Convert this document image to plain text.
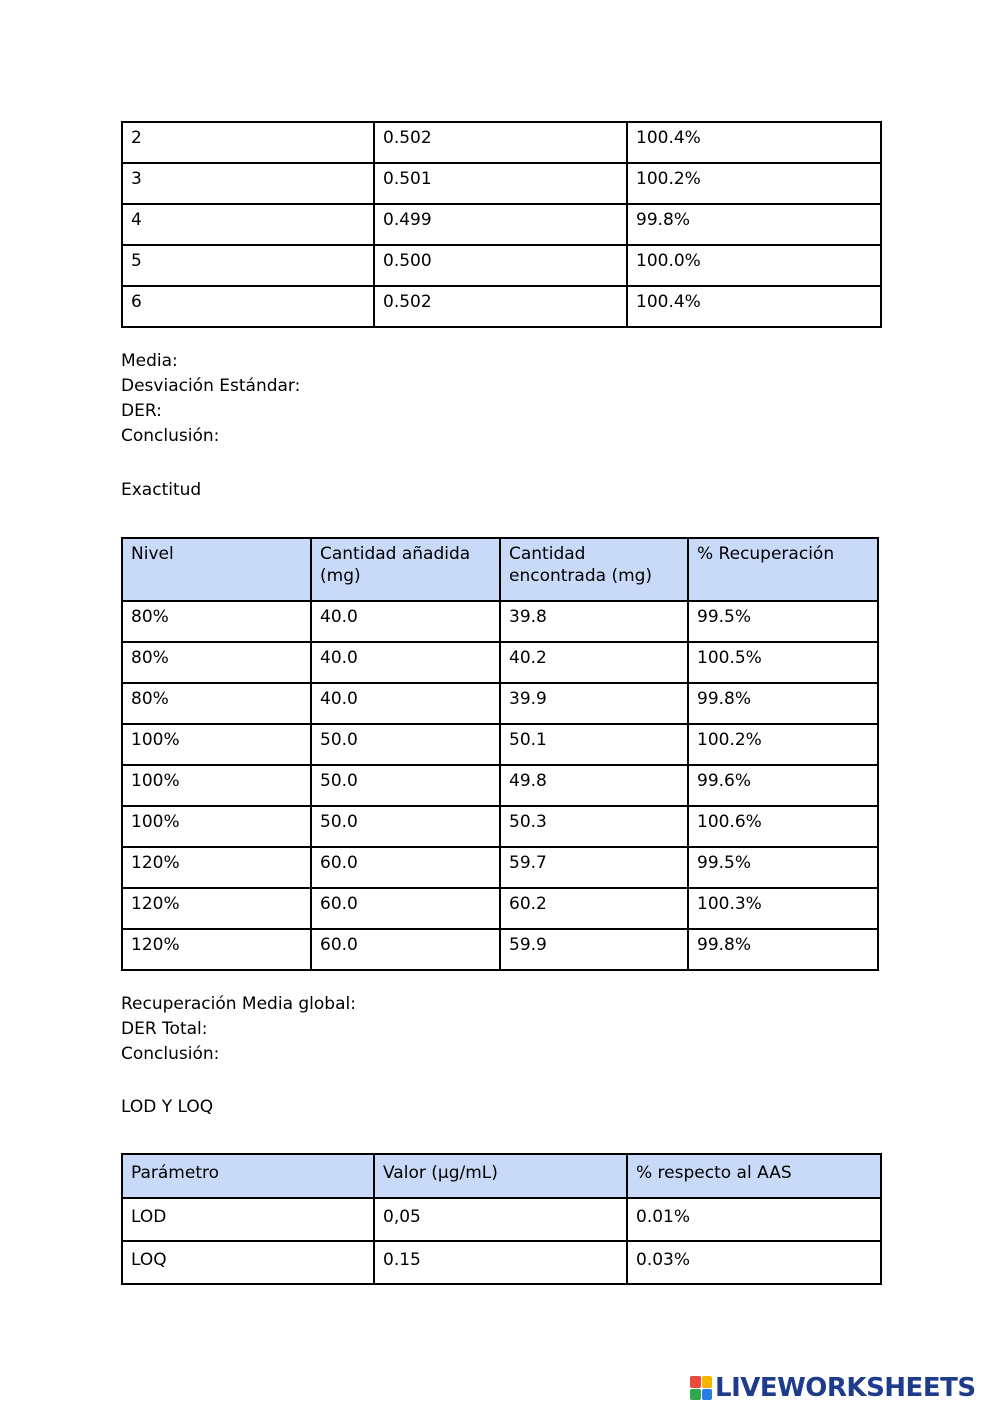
2	0.502	100.4%
3	0.501	100.2%
4	0.499	99.8%
5	0.500	100.0%
6	0.502	100.4%
Media:
Desviación Estándar:
DER:
Conclusión:
Exactitud
Nivel	Cantidad añadida (mg)	Cantidad encontrada (mg)	% Recuperación
80%	40.0	39.8	99.5%
80%	40.0	40.2	100.5%
80%	40.0	39.9	99.8%
100%	50.0	50.1	100.2%
100%	50.0	49.8	99.6%
100%	50.0	50.3	100.6%
120%	60.0	59.7	99.5%
120%	60.0	60.2	100.3%
120%	60.0	59.9	99.8%
Recuperación Media global:
DER Total:
Conclusión:
LOD Y LOQ
Parámetro	Valor (µg/mL)	% respecto al AAS
LOD	0,05	0.01%
LOQ	0.15	0.03%
LIVEWORKSHEETS
